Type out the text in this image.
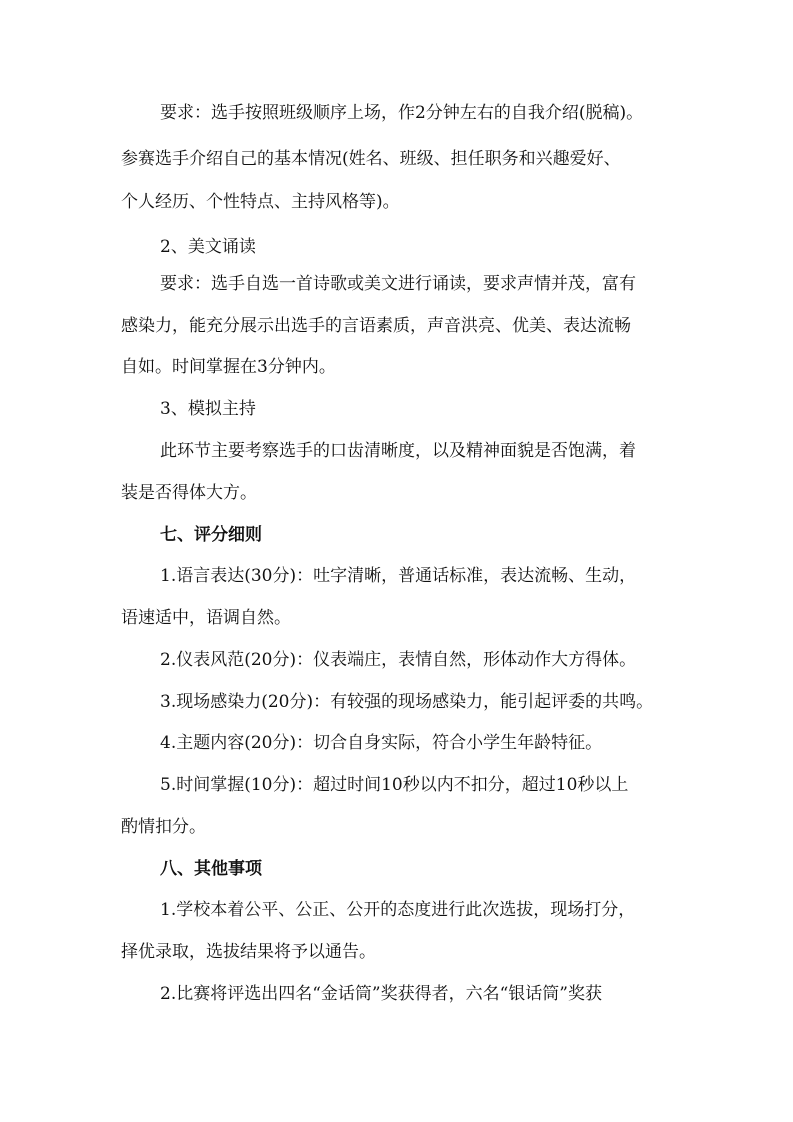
要求：选手按照班级顺序上场，作2分钟左右的自我介绍(脱稿)。
参赛选手介绍自己的基本情况(姓名、班级、担任职务和兴趣爱好、
个人经历、个性特点、主持风格等)。
2、美文诵读
要求：选手自选一首诗歌或美文进行诵读，要求声情并茂，富有
感染力，能充分展示出选手的言语素质，声音洪亮、优美、表达流畅
自如。时间掌握在3分钟内。
3、模拟主持
此环节主要考察选手的口齿清晰度，以及精神面貌是否饱满，着
装是否得体大方。
七、评分细则
1.语言表达(30分)：吐字清晰，普通话标准，表达流畅、生动，
语速适中，语调自然。
2.仪表风范(20分)：仪表端庄，表情自然，形体动作大方得体。
3.现场感染力(20分)：有较强的现场感染力，能引起评委的共鸣。
4.主题内容(20分)：切合自身实际，符合小学生年龄特征。
5.时间掌握(10分)：超过时间10秒以内不扣分，超过10秒以上
酌情扣分。
八、其他事项
1.学校本着公平、公正、公开的态度进行此次选拔，现场打分，
择优录取，选拔结果将予以通告。
2.比赛将评选出四名“金话筒”奖获得者，六名“银话筒”奖获
